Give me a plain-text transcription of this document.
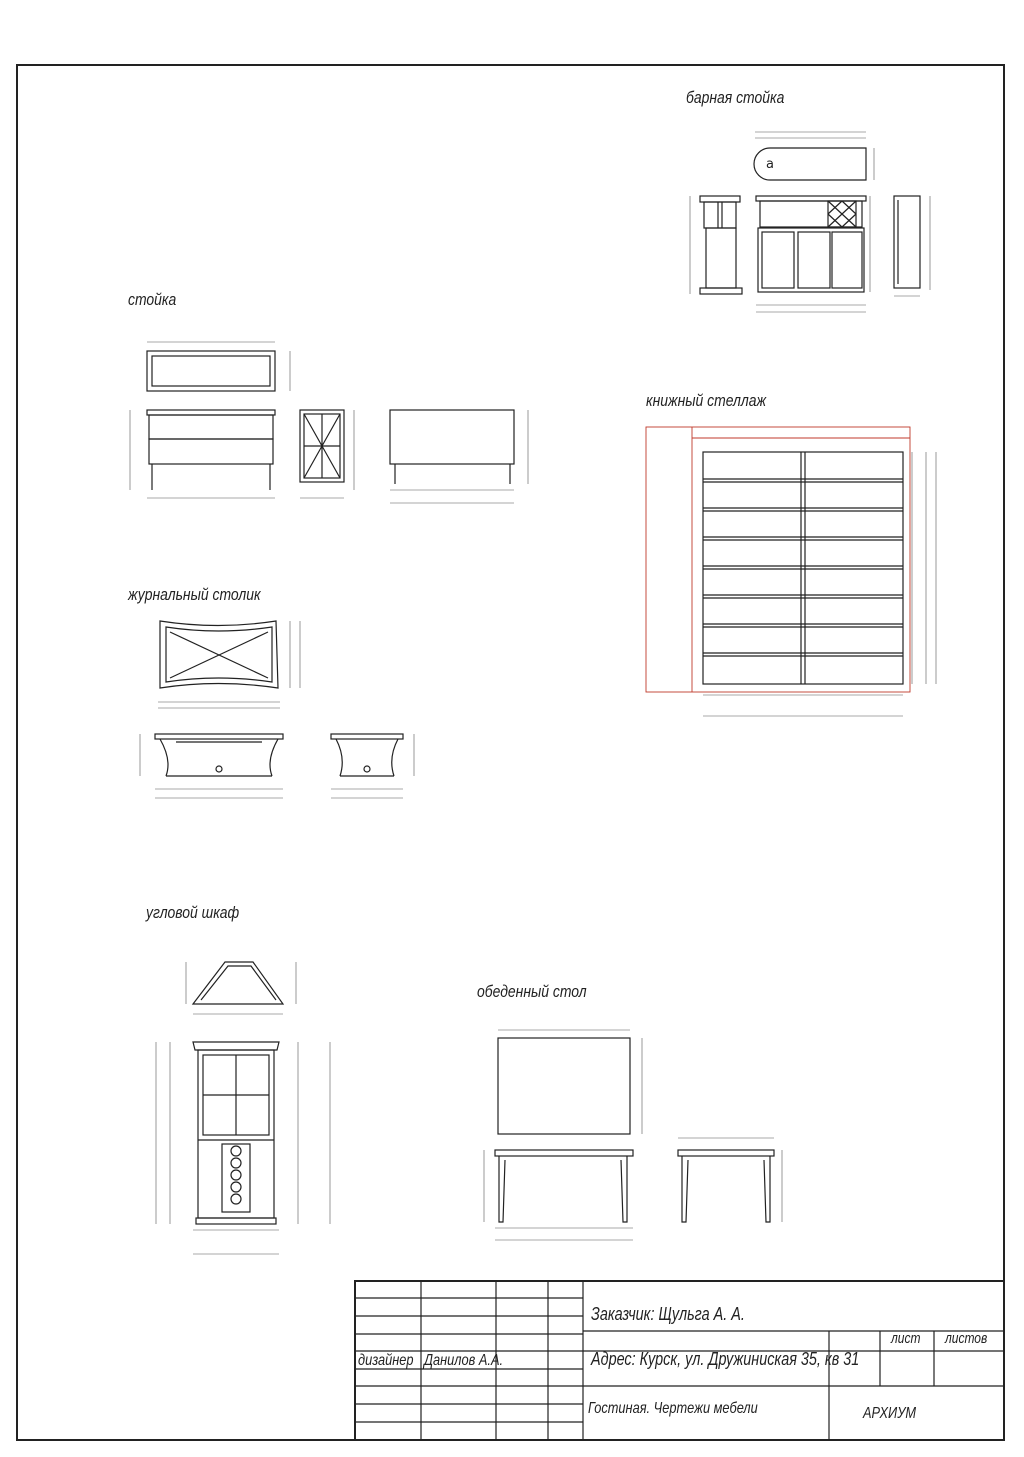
a
барная стойка
стойка
книжный стеллаж
журнальный столик
угловой шкаф
обеденный стол
Заказчик: Щульга А. А.
дизайнер Данилов А.А.	Адрес: Курск, ул. Дружиниская 35, кв 31
лист листов
Гостиная. Чертежи мебели	АРХИУМ
